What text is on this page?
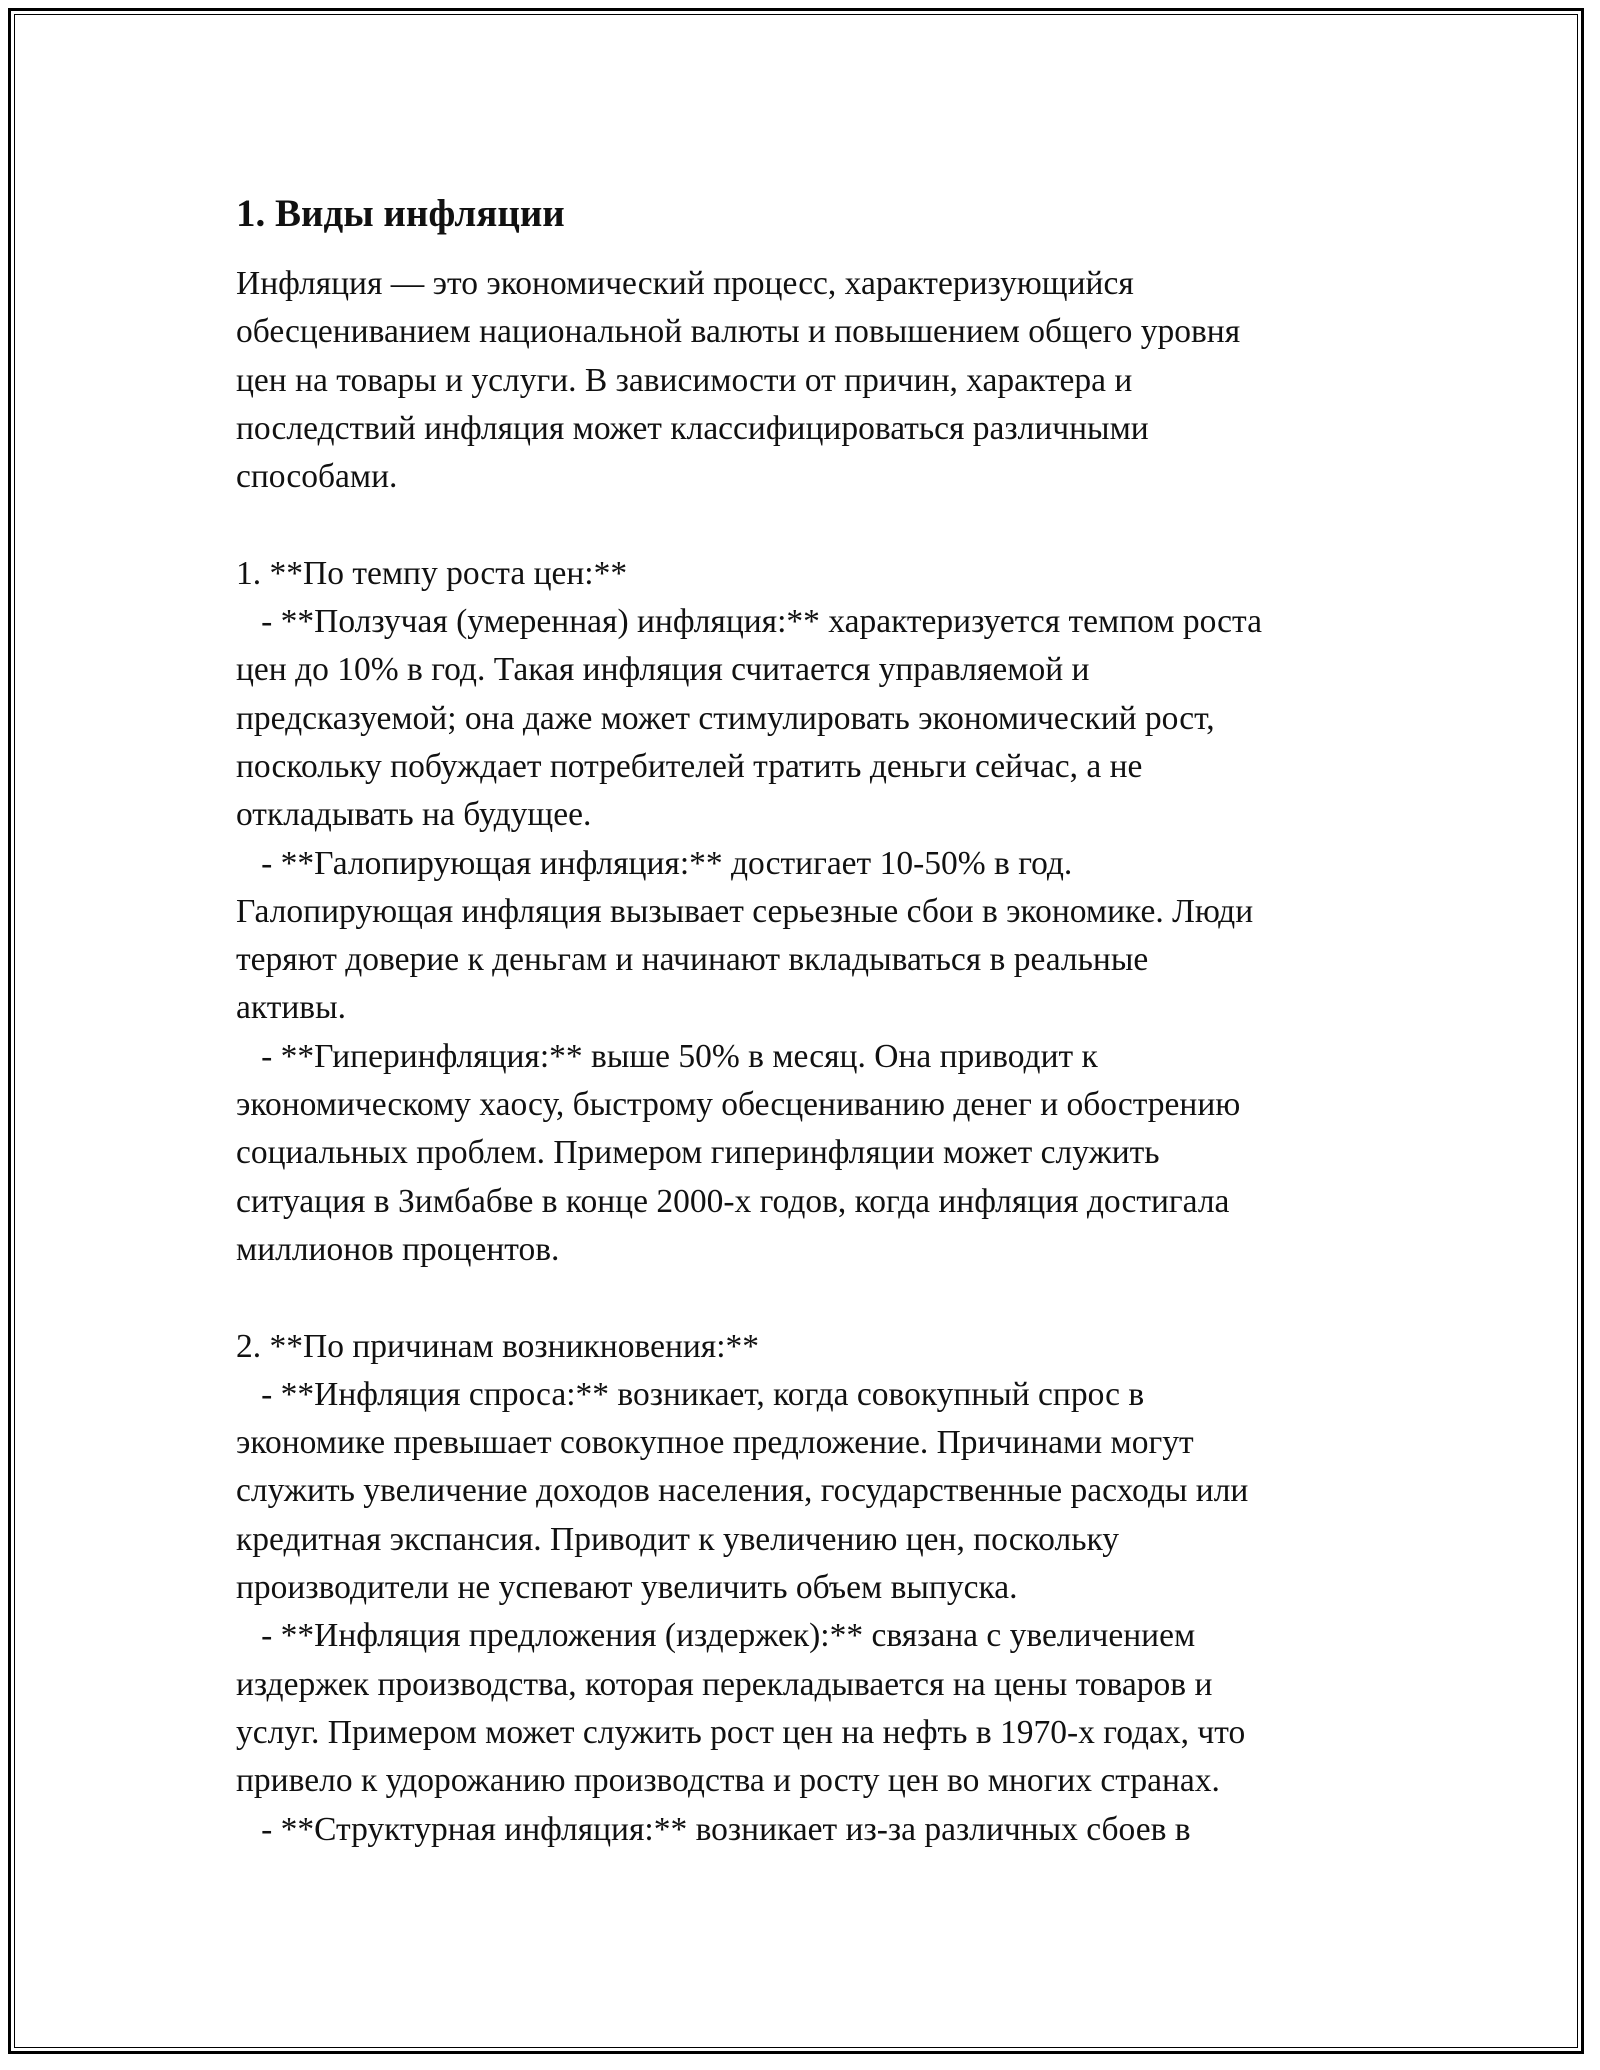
1. Виды инфляции
Инфляция — это экономический процесс, характеризующийся
обесцениванием национальной валюты и повышением общего уровня
цен на товары и услуги. В зависимости от причин, характера и
последствий инфляция может классифицироваться различными
способами.
1. **По темпу роста цен:**
- **Ползучая (умеренная) инфляция:** характеризуется темпом роста
цен до 10% в год. Такая инфляция считается управляемой и
предсказуемой; она даже может стимулировать экономический рост,
поскольку побуждает потребителей тратить деньги сейчас, а не
откладывать на будущее.
- **Галопирующая инфляция:** достигает 10-50% в год.
Галопирующая инфляция вызывает серьезные сбои в экономике. Люди
теряют доверие к деньгам и начинают вкладываться в реальные
активы.
- **Гиперинфляция:** выше 50% в месяц. Она приводит к
экономическому хаосу, быстрому обесцениванию денег и обострению
социальных проблем. Примером гиперинфляции может служить
ситуация в Зимбабве в конце 2000-х годов, когда инфляция достигала
миллионов процентов.
2. **По причинам возникновения:**
- **Инфляция спроса:** возникает, когда совокупный спрос в
экономике превышает совокупное предложение. Причинами могут
служить увеличение доходов населения, государственные расходы или
кредитная экспансия. Приводит к увеличению цен, поскольку
производители не успевают увеличить объем выпуска.
- **Инфляция предложения (издержек):** связана с увеличением
издержек производства, которая перекладывается на цены товаров и
услуг. Примером может служить рост цен на нефть в 1970-х годах, что
привело к удорожанию производства и росту цен во многих странах.
- **Структурная инфляция:** возникает из-за различных сбоев в
